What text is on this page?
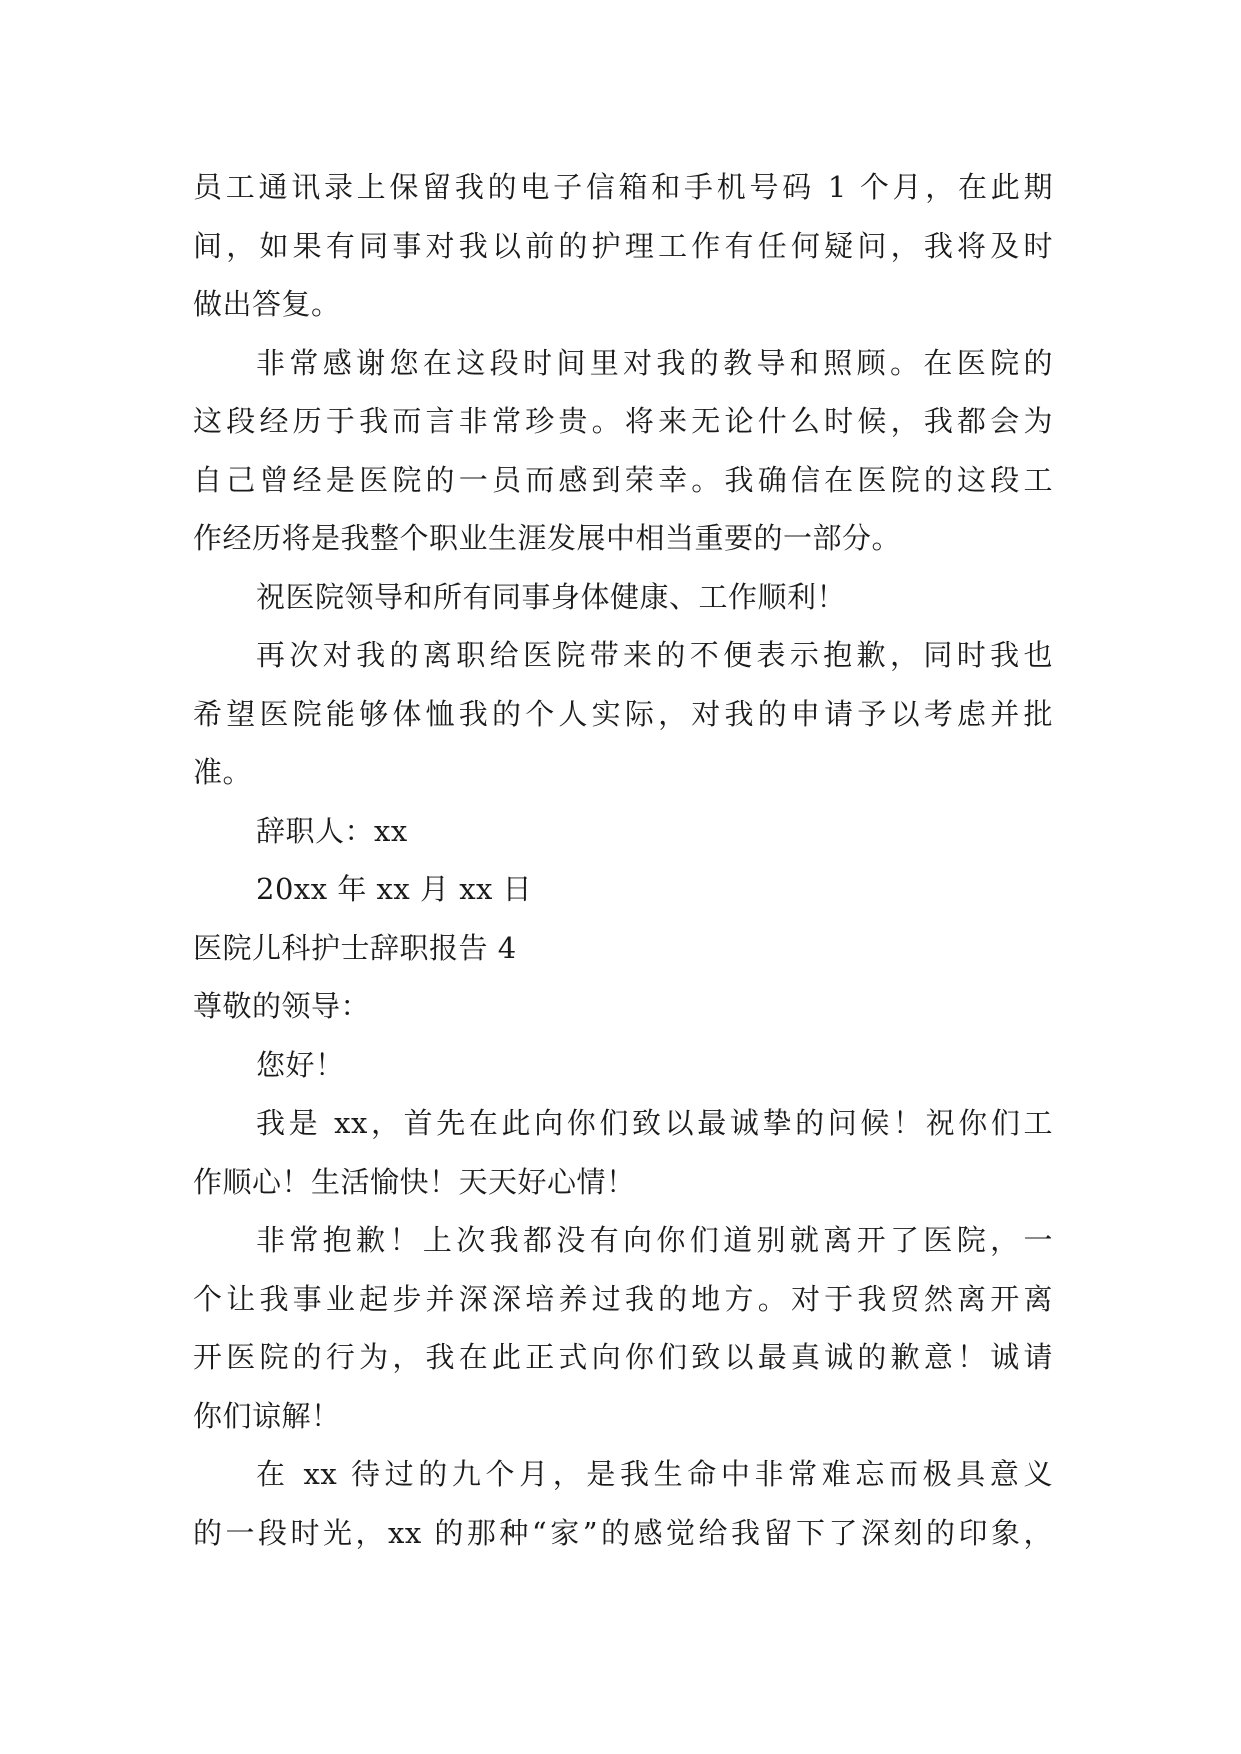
员工通讯录上保留我的电子信箱和手机号码 1 个月，在此期
间，如果有同事对我以前的护理工作有任何疑问，我将及时
做出答复。
非常感谢您在这段时间里对我的教导和照顾。在医院的
这段经历于我而言非常珍贵。将来无论什么时候，我都会为
自己曾经是医院的一员而感到荣幸。我确信在医院的这段工
作经历将是我整个职业生涯发展中相当重要的一部分。
祝医院领导和所有同事身体健康、工作顺利！
再次对我的离职给医院带来的不便表示抱歉，同时我也
希望医院能够体恤我的个人实际，对我的申请予以考虑并批
准。
辞职人：xx
20xx 年 xx 月 xx 日
医院儿科护士辞职报告 4
尊敬的领导：
您好！
我是 xx，首先在此向你们致以最诚挚的问候！祝你们工
作顺心！生活愉快！天天好心情！
非常抱歉！上次我都没有向你们道别就离开了医院，一
个让我事业起步并深深培养过我的地方。对于我贸然离开离
开医院的行为，我在此正式向你们致以最真诚的歉意！诚请
你们谅解！
在 xx 待过的九个月，是我生命中非常难忘而极具意义
的一段时光，xx 的那种“家”的感觉给我留下了深刻的印象，
